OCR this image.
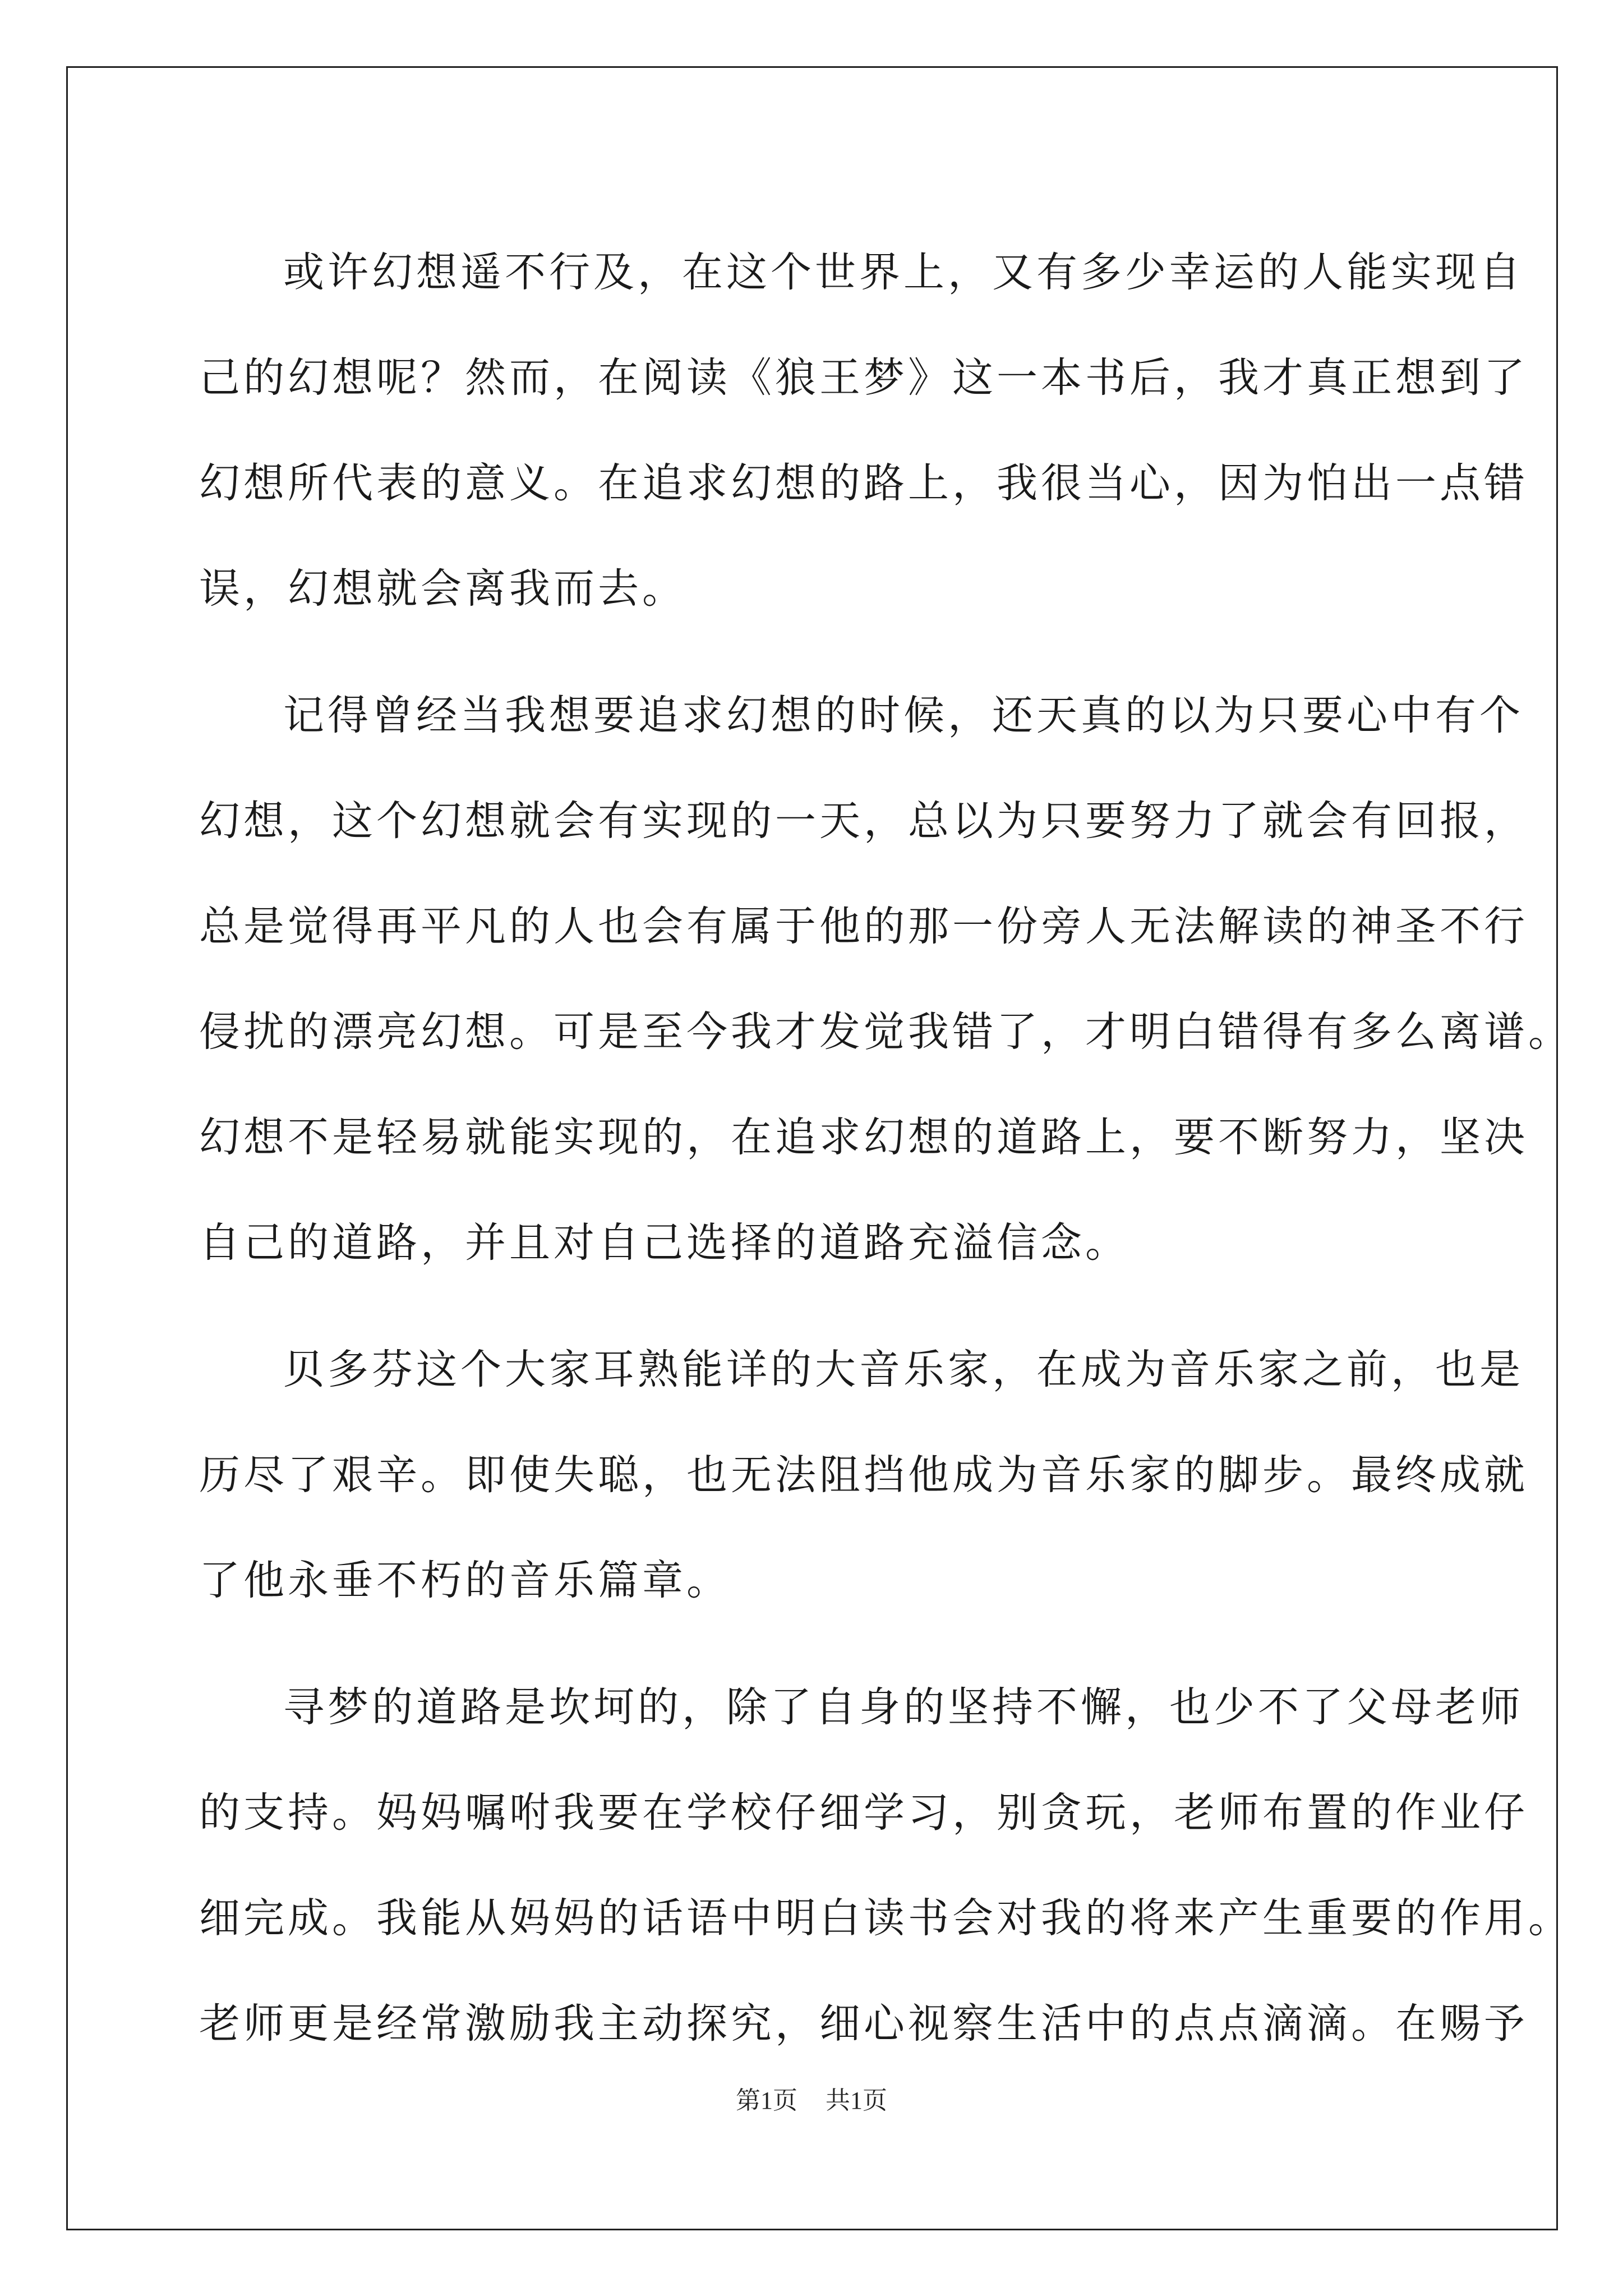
或许幻想遥不行及，在这个世界上，又有多少幸运的人能实现自
己的幻想呢？然而，在阅读《狼王梦》这一本书后，我才真正想到了
幻想所代表的意义。在追求幻想的路上，我很当心，因为怕出一点错
误，幻想就会离我而去。
记得曾经当我想要追求幻想的时候，还天真的以为只要心中有个
幻想，这个幻想就会有实现的一天，总以为只要努力了就会有回报，
总是觉得再平凡的人也会有属于他的那一份旁人无法解读的神圣不行
侵扰的漂亮幻想。可是至今我才发觉我错了，才明白错得有多么离谱。
幻想不是轻易就能实现的，在追求幻想的道路上，要不断努力，坚决
自己的道路，并且对自己选择的道路充溢信念。
贝多芬这个大家耳熟能详的大音乐家，在成为音乐家之前，也是
历尽了艰辛。即使失聪，也无法阻挡他成为音乐家的脚步。最终成就
了他永垂不朽的音乐篇章。
寻梦的道路是坎坷的，除了自身的坚持不懈，也少不了父母老师
的支持。妈妈嘱咐我要在学校仔细学习，别贪玩，老师布置的作业仔
细完成。我能从妈妈的话语中明白读书会对我的将来产生重要的作用。
老师更是经常激励我主动探究，细心视察生活中的点点滴滴。在赐予
第1页 共1页
